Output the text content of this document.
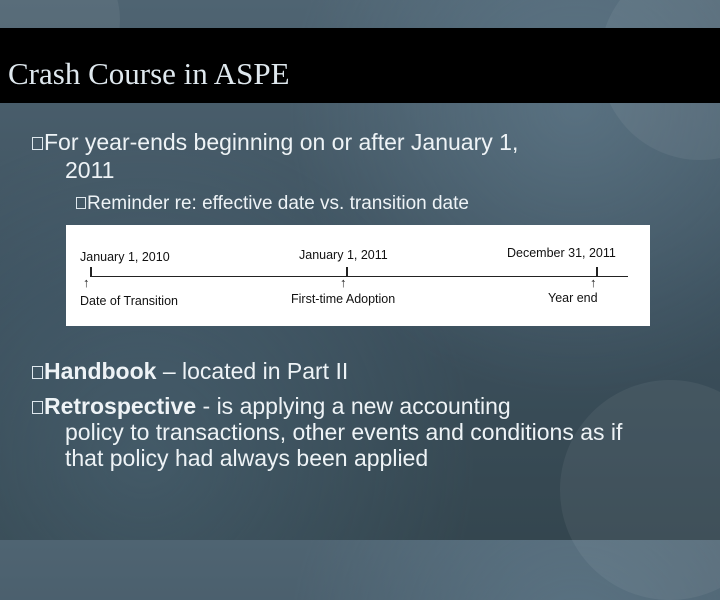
Crash Course in ASPE
For year-ends beginning on or after January 1,
2011
Reminder re: effective date vs. transition date
January 1, 2010	January 1, 2011	December 31, 2011
↑	↑	↑
Date of Transition	First-time Adoption	Year end
Handbook – located in Part II
Retrospective - is applying a new accounting
policy to transactions, other events and conditions as if that policy had always been applied
